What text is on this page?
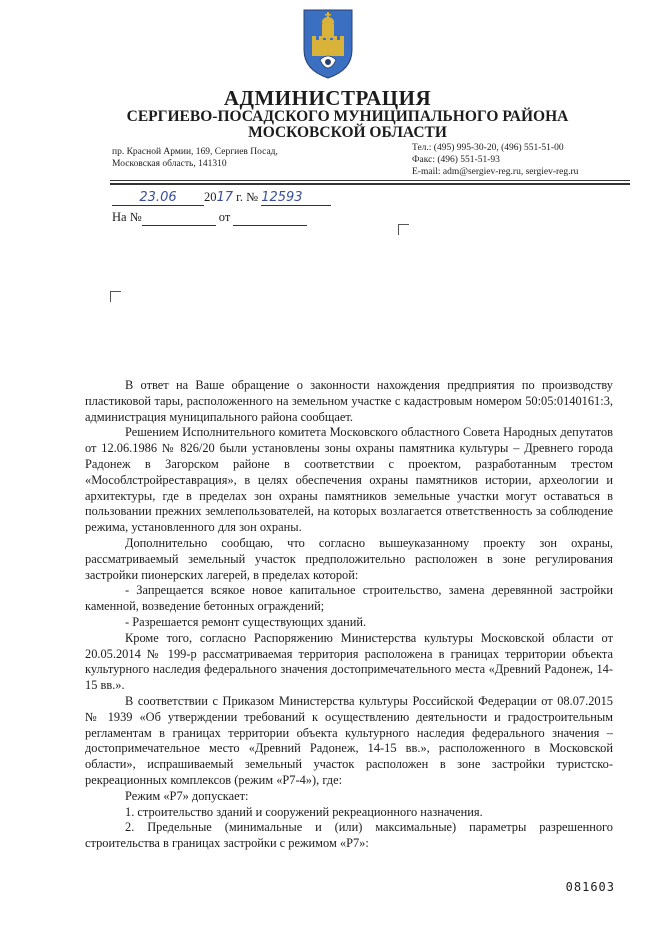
АДМИНИСТРАЦИЯ
СЕРГИЕВО-ПОСАДСКОГО МУНИЦИПАЛЬНОГО РАЙОНА
МОСКОВСКОЙ ОБЛАСТИ
пр. Красной Армии, 169, Сергиев Посад,
Московская область, 141310
Тел.: (495) 995-30-20, (496) 551-51-00
Факс: (496) 551-51-93
E-mail: adm@sergiev-reg.ru, sergiev-reg.ru
23.06 2017 г. № 12593
На №	от

В ответ на Ваше обращение о законности нахождения предприятия по производству пластиковой тары, расположенного на земельном участке с кадастровым номером 50:05:0140161:3, администрация муниципального района сообщает.

Решением Исполнительного комитета Московского областного Совета Народных депутатов от 12.06.1986 № 826/20 были установлены зоны охраны памятника культуры – Древнего города Радонеж в Загорском районе в соответствии с проектом, разработанным трестом «Мособлстройреставрация», в целях обеспечения охраны памятников истории, археологии и архитектуры, где в пределах зон охраны памятников земельные участки могут оставаться в пользовании прежних землепользователей, на которых возлагается ответственность за соблюдение режима, установленного для зон охраны.

Дополнительно сообщаю, что согласно вышеуказанному проекту зон охраны, рассматриваемый земельный участок предположительно расположен в зоне регулирования застройки пионерских лагерей, в пределах которой:

- Запрещается всякое новое капитальное строительство, замена деревянной застройки каменной, возведение бетонных ограждений;

- Разрешается ремонт существующих зданий.

Кроме того, согласно Распоряжению Министерства культуры Московской области от 20.05.2014 № 199-р рассматриваемая территория расположена в границах территории объекта культурного наследия федерального значения достопримечательного места «Древний Радонеж, 14-15 вв.».

В соответствии с Приказом Министерства культуры Российской Федерации от 08.07.2015 № 1939 «Об утверждении требований к осуществлению деятельности и градостроительным регламентам в границах территории объекта культурного наследия федерального значения – достопримечательное место «Древний Радонеж, 14-15 вв.», расположенного в Московской области», испрашиваемый земельный участок расположен в зоне застройки туристско-рекреационных комплексов (режим «Р7-4»), где:

Режим «Р7» допускает:

1. строительство зданий и сооружений рекреационного назначения.

2. Предельные (минимальные и (или) максимальные) параметры разрешенного строительства в границах застройки с режимом «Р7»:

081603
